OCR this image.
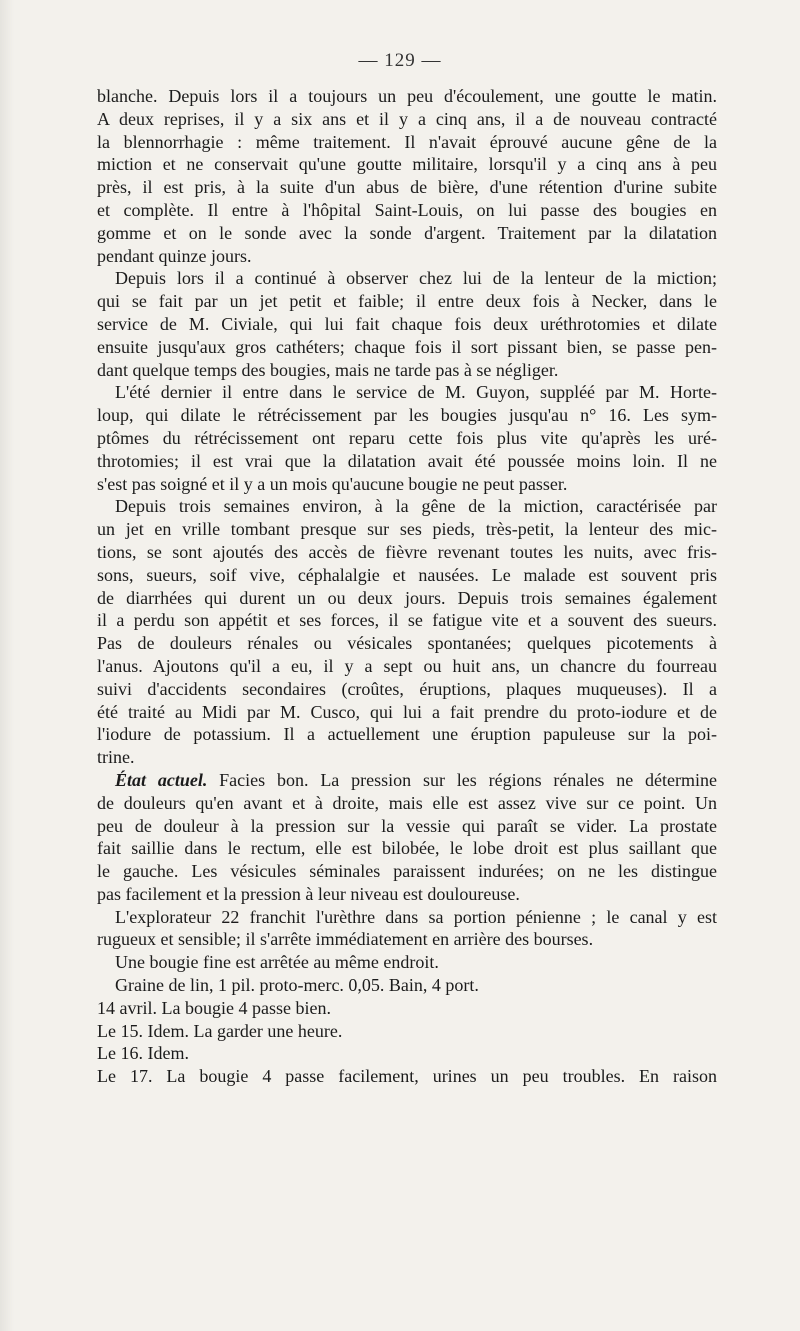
— 129 —
blanche. Depuis lors il a toujours un peu d'écoulement, une goutte le matin.
A deux reprises, il y a six ans et il y a cinq ans, il a de nouveau contracté
la blennorrhagie : même traitement. Il n'avait éprouvé aucune gêne de la
miction et ne conservait qu'une goutte militaire, lorsqu'il y a cinq ans à peu
près, il est pris, à la suite d'un abus de bière, d'une rétention d'urine subite
et complète. Il entre à l'hôpital Saint-Louis, on lui passe des bougies en
gomme et on le sonde avec la sonde d'argent. Traitement par la dilatation
pendant quinze jours.
Depuis lors il a continué à observer chez lui de la lenteur de la miction;
qui se fait par un jet petit et faible; il entre deux fois à Necker, dans le
service de M. Civiale, qui lui fait chaque fois deux uréthrotomies et dilate
ensuite jusqu'aux gros cathéters; chaque fois il sort pissant bien, se passe pen-
dant quelque temps des bougies, mais ne tarde pas à se négliger.
L'été dernier il entre dans le service de M. Guyon, suppléé par M. Horte-
loup, qui dilate le rétrécissement par les bougies jusqu'au n° 16. Les sym-
ptômes du rétrécissement ont reparu cette fois plus vite qu'après les uré-
throtomies; il est vrai que la dilatation avait été poussée moins loin. Il ne
s'est pas soigné et il y a un mois qu'aucune bougie ne peut passer.
Depuis trois semaines environ, à la gêne de la miction, caractérisée par
un jet en vrille tombant presque sur ses pieds, très-petit, la lenteur des mic-
tions, se sont ajoutés des accès de fièvre revenant toutes les nuits, avec fris-
sons, sueurs, soif vive, céphalalgie et nausées. Le malade est souvent pris
de diarrhées qui durent un ou deux jours. Depuis trois semaines également
il a perdu son appétit et ses forces, il se fatigue vite et a souvent des sueurs.
Pas de douleurs rénales ou vésicales spontanées; quelques picotements à
l'anus. Ajoutons qu'il a eu, il y a sept ou huit ans, un chancre du fourreau
suivi d'accidents secondaires (croûtes, éruptions, plaques muqueuses). Il a
été traité au Midi par M. Cusco, qui lui a fait prendre du proto-iodure et de
l'iodure de potassium. Il a actuellement une éruption papuleuse sur la poi-
trine.
État actuel. Facies bon. La pression sur les régions rénales ne détermine
de douleurs qu'en avant et à droite, mais elle est assez vive sur ce point. Un
peu de douleur à la pression sur la vessie qui paraît se vider. La prostate
fait saillie dans le rectum, elle est bilobée, le lobe droit est plus saillant que
le gauche. Les vésicules séminales paraissent indurées; on ne les distingue
pas facilement et la pression à leur niveau est douloureuse.
L'explorateur 22 franchit l'urèthre dans sa portion pénienne ; le canal y est
rugueux et sensible; il s'arrête immédiatement en arrière des bourses.
Une bougie fine est arrêtée au même endroit.
Graine de lin, 1 pil. proto-merc. 0,05. Bain, 4 port.
14 avril. La bougie 4 passe bien.
Le 15. Idem. La garder une heure.
Le 16. Idem.
Le 17. La bougie 4 passe facilement, urines un peu troubles. En raison
